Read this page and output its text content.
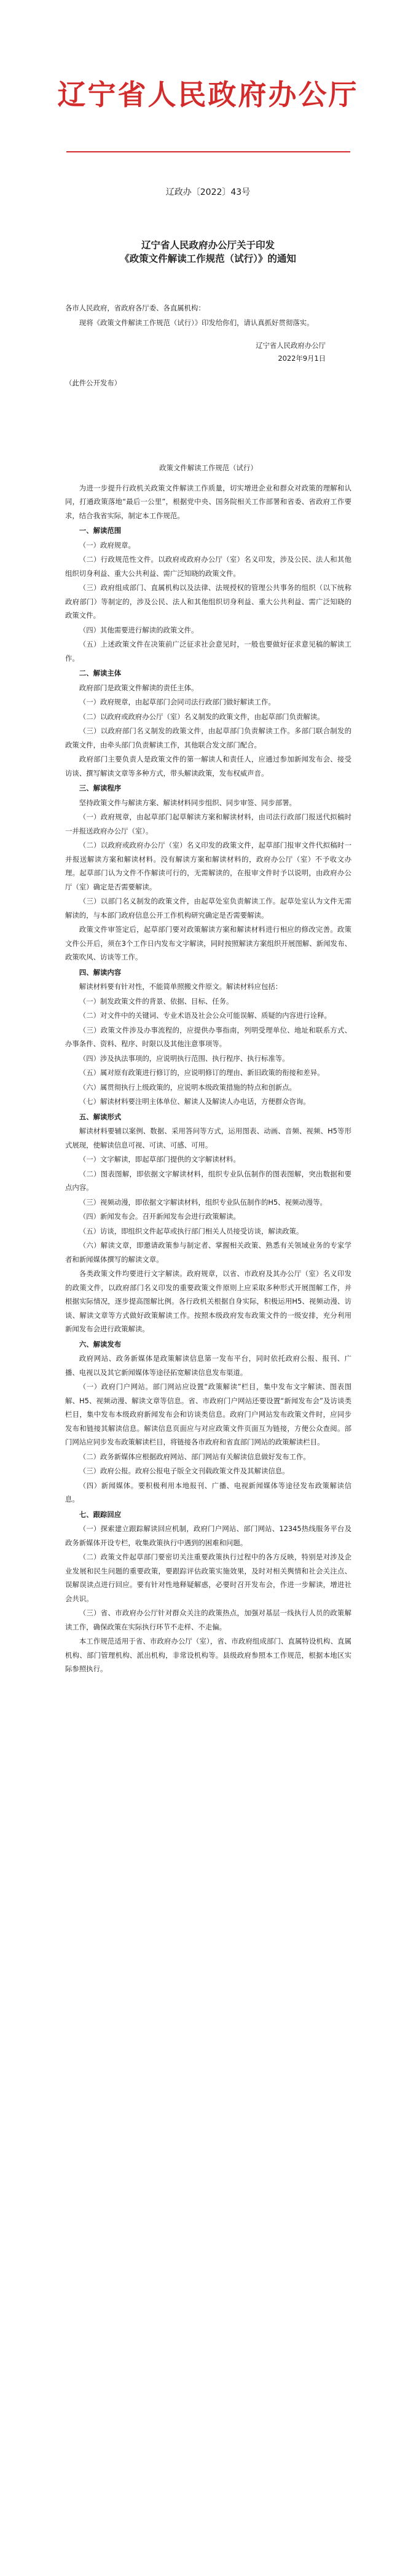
辽宁省人民政府办公厅
辽政办〔2022〕43号
辽宁省人民政府办公厅关于印发
《政策文件解读工作规范（试行）》的通知

各市人民政府，省政府各厅委、各直属机构：

现将《政策文件解读工作规范（试行）》印发给你们，请认真抓好贯彻落实。

辽宁省人民政府办公厅
2022年9月1日

（此件公开发布）

政策文件解读工作规范（试行）

为进一步提升行政机关政策文件解读工作质量，切实增进企业和群众对政策的理解和认同，打通政策落地“最后一公里”，根据党中央、国务院相关工作部署和省委、省政府工作要求，结合我省实际，制定本工作规范。

一、解读范围

（一）政府规章。

（二）行政规范性文件。以政府或政府办公厅（室）名义印发，涉及公民、法人和其他组织切身利益、重大公共利益、需广泛知晓的政策文件。

（三）政府组成部门、直属机构以及法律、法规授权的管理公共事务的组织（以下统称政府部门）等制定的，涉及公民、法人和其他组织切身利益、重大公共利益、需广泛知晓的政策文件。

（四）其他需要进行解读的政策文件。

（五）上述政策文件在决策前广泛征求社会意见时，一般也要做好征求意见稿的解读工作。

二、解读主体

政府部门是政策文件解读的责任主体。

（一）政府规章，由起草部门会同司法行政部门做好解读工作。

（二）以政府或政府办公厅（室）名义制发的政策文件，由起草部门负责解读。

（三）以政府部门名义制发的政策文件，由起草部门负责解读工作。多部门联合制发的政策文件，由牵头部门负责解读工作，其他联合发文部门配合。

政府部门主要负责人是政策文件的第一解读人和责任人，应通过参加新闻发布会、接受访谈、撰写解读文章等多种方式，带头解读政策，发布权威声音。

三、解读程序

坚持政策文件与解读方案、解读材料同步组织、同步审签、同步部署。

（一）政府规章，由起草部门起草解读方案和解读材料，由司法行政部门报送代拟稿时一并报送政府办公厅（室）。

（二）以政府或政府办公厅（室）名义印发的政策文件，起草部门报审文件代拟稿时一并报送解读方案和解读材料。没有解读方案和解读材料的，政府办公厅（室）不予收文办理。起草部门认为文件不作解读可行的，无需解读的，在报审文件时予以说明，由政府办公厅（室）确定是否需要解读。

（三）以部门名义制发的政策文件，由起草处室负责解读工作。起草处室认为文件无需解读的，与本部门政府信息公开工作机构研究确定是否需要解读。

政策文件审签定后，起草部门要对政策解读方案和解读材料进行相应的修改完善。政策文件公开后，须在3个工作日内发布文字解读，同时按照解读方案组织开展图解、新闻发布、政策吹风、访谈等工作。

四、解读内容

解读材料要有针对性，不能简单照搬文件原文。解读材料应包括：

（一）制发政策文件的背景、依据、目标、任务。

（二）对文件中的关键词、专业术语及社会公众可能误解、质疑的内容进行诠释。

（三）政策文件涉及办事流程的，应提供办事指南，列明受理单位、地址和联系方式、办事条件、资料、程序、时限以及其他注意事项等。

（四）涉及执法事项的，应说明执行范围、执行程序、执行标准等。

（五）属对原有政策进行修订的，应说明修订的理由、新旧政策的衔接和差异。

（六）属贯彻执行上级政策的，应说明本级政策措施的特点和创新点。

（七）解读材料要注明主体单位、解读人及解读人办电话，方便群众咨询。

五、解读形式

解读材料要辅以案例、数据、采用答问等方式，运用图表、动画、音频、视频、H5等形式展现，使解读信息可视、可读、可感、可用。

（一）文字解读，即起草部门提供的文字解读材料。

（二）图表图解，即依据文字解读材料，组织专业队伍制作的图表图解，突出数据和要点内容。

（三）视频动漫，即依据文字解读材料，组织专业队伍制作的H5、视频动漫等。

（四）新闻发布会。召开新闻发布会进行政策解读。

（五）访谈，即组织文件起草或执行部门相关人员接受访谈，解读政策。

（六）解读文章，即邀请政策参与制定者、掌握相关政策、熟悉有关领域业务的专家学者和新闻媒体撰写的解读文章。

各类政策文件均要进行文字解读。政府规章，以省、市政府及其办公厅（室）名义印发的政策文件，以政府部门名义印发的重要政策文件原则上应采取多种形式开展图解工作，并根据实际情况，逐步提高图解比例。各行政机关根据自身实际，积极运用H5、视频动漫、访谈、解读文章等方式做好政策解读工作。按照本级政府发布政策文件的一级安排，充分利用新闻发布会进行政策解读。

六、解读发布

政府网站、政务新媒体是政策解读信息第一发布平台，同时依托政府公报、报刊、广播、电视以及其它新闻媒体等途径拓宽解读信息发布渠道。

（一）政府门户网站。部门网站应设置“政策解读”栏目，集中发布文字解读、图表图解、H5、视频动漫、解读文章等信息。省、市政府门户网站还要设置“新闻发布会”及访谈类栏目，集中发布本级政府新闻发布会和访谈类信息。政府门户网站发布政策文件时，应同步发布和链接其解读信息。解读信息页面应与对应政策文件页面互为链接，方便公众查阅。部门网站应同步发布政策解读栏目，将链接各市政府和省直部门网站的政策解读栏目。

（二）政务新媒体应根据政府网站、部门网站有关解读信息做好发布工作。

（三）政府公报。政府公报电子版全文刊载政策文件及其解读信息。

（四）新闻媒体。要积极利用本地报刊、广播、电视新闻媒体等途径发布政策解读信息。

七、跟踪回应

（一）探索建立跟踪解读回应机制，政府门户网站、部门网站、12345热线服务平台及政务新媒体开设专栏，收集政策执行中遇到的困难和问题。

（二）政策文件起草部门要密切关注重要政策执行过程中的各方反映，特别是对涉及企业发展和民生问题的重要政策，要跟踪评估政策实施效果，及时对相关舆情和社会关注点、误解误读点进行回应。要有针对性地释疑解惑，必要时召开发布会，作进一步解读，增进社会共识。

（三）省、市政府办公厅针对群众关注的政策热点，加强对基层一线执行人员的政策解读工作，确保政策在实际执行环节不走样、不走偏。

本工作规范适用于省、市政府办公厅（室），省、市政府组成部门、直属特设机构、直属机构、部门管理机构、派出机构，非常设机构等。县级政府参照本工作规范，根据本地区实际参照执行。
